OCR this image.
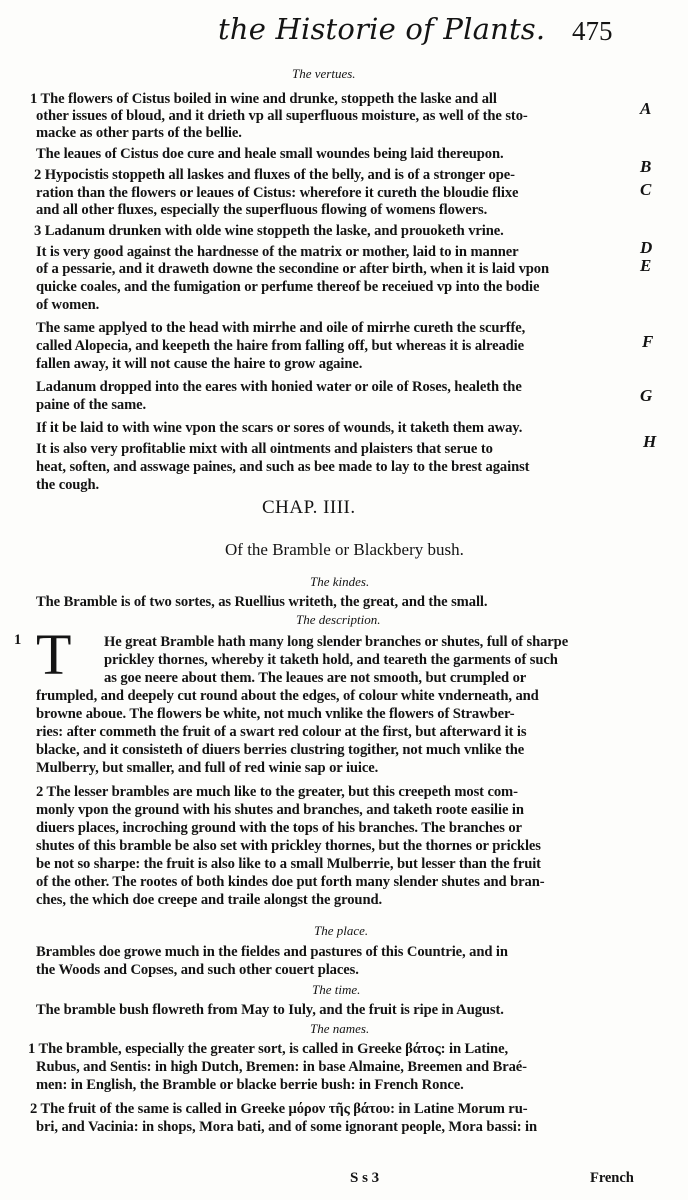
the Historie of Plants. 475
The vertues.
1 The flowers of Cistus boiled in wine and drunke, stoppeth the laske and all
other issues of bloud, and it drieth vp all superfluous moisture, as well of the sto-
macke as other parts of the bellie.
The leaues of Cistus doe cure and heale small woundes being laid thereupon.
2 Hypocistis stoppeth all laskes and fluxes of the belly, and is of a stronger ope-
ration than the flowers or leaues of Cistus: wherefore it cureth the bloudie flixe
and all other fluxes, especially the superfluous flowing of womens flowers.
3 Ladanum drunken with olde wine stoppeth the laske, and prouoketh vrine.
It is very good against the hardnesse of the matrix or mother, laid to in manner
of a pessarie, and it draweth downe the secondine or after birth, when it is laid vpon
quicke coales, and the fumigation or perfume thereof be receiued vp into the bodie
of women.
The same applyed to the head with mirrhe and oile of mirrhe cureth the scurffe,
called Alopecia, and keepeth the haire from falling off, but whereas it is alreadie
fallen away, it will not cause the haire to grow againe.
Ladanum dropped into the eares with honied water or oile of Roses, healeth the
paine of the same.
If it be laid to with wine vpon the scars or sores of wounds, it taketh them away.
It is also very profitablie mixt with all ointments and plaisters that serue to
heat, soften, and asswage paines, and such as bee made to lay to the brest against
the cough.
A
B
C
D
E
F
G
H
CHAP. IIII.
Of the Bramble or Blackbery bush.
The kindes.
The Bramble is of two sortes, as Ruellius writeth, the great, and the small.
The description.
1 T He great Bramble hath many long slender branches or shutes, full of sharpe
prickley thornes, whereby it taketh hold, and teareth the garments of such
as goe neere about them. The leaues are not smooth, but crumpled or
frumpled, and deepely cut round about the edges, of colour white vnderneath, and
browne aboue. The flowers be white, not much vnlike the flowers of Strawber-
ries: after commeth the fruit of a swart red colour at the first, but afterward it is
blacke, and it consisteth of diuers berries clustring togither, not much vnlike the
Mulberry, but smaller, and full of red winie sap or iuice.
2 The lesser brambles are much like to the greater, but this creepeth most com-
monly vpon the ground with his shutes and branches, and taketh roote easilie in
diuers places, incroching ground with the tops of his branches. The branches or
shutes of this bramble be also set with prickley thornes, but the thornes or prickles
be not so sharpe: the fruit is also like to a small Mulberrie, but lesser than the fruit
of the other. The rootes of both kindes doe put forth many slender shutes and bran-
ches, the which doe creepe and traile alongst the ground.
The place.
Brambles doe growe much in the fieldes and pastures of this Countrie, and in
the Woods and Copses, and such other couert places.
The time.
The bramble bush flowreth from May to Iuly, and the fruit is ripe in August.
The names.
1 The bramble, especially the greater sort, is called in Greeke βάτος: in Latine,
Rubus, and Sentis: in high Dutch, Bremen: in base Almaine, Breemen and Braé-
men: in English, the Bramble or blacke berrie bush: in French Ronce.
2 The fruit of the same is called in Greeke μόρον τῆς βάτου: in Latine Morum ru-
bri, and Vacinia: in shops, Mora bati, and of some ignorant people, Mora bassi: in
S s 3	French
